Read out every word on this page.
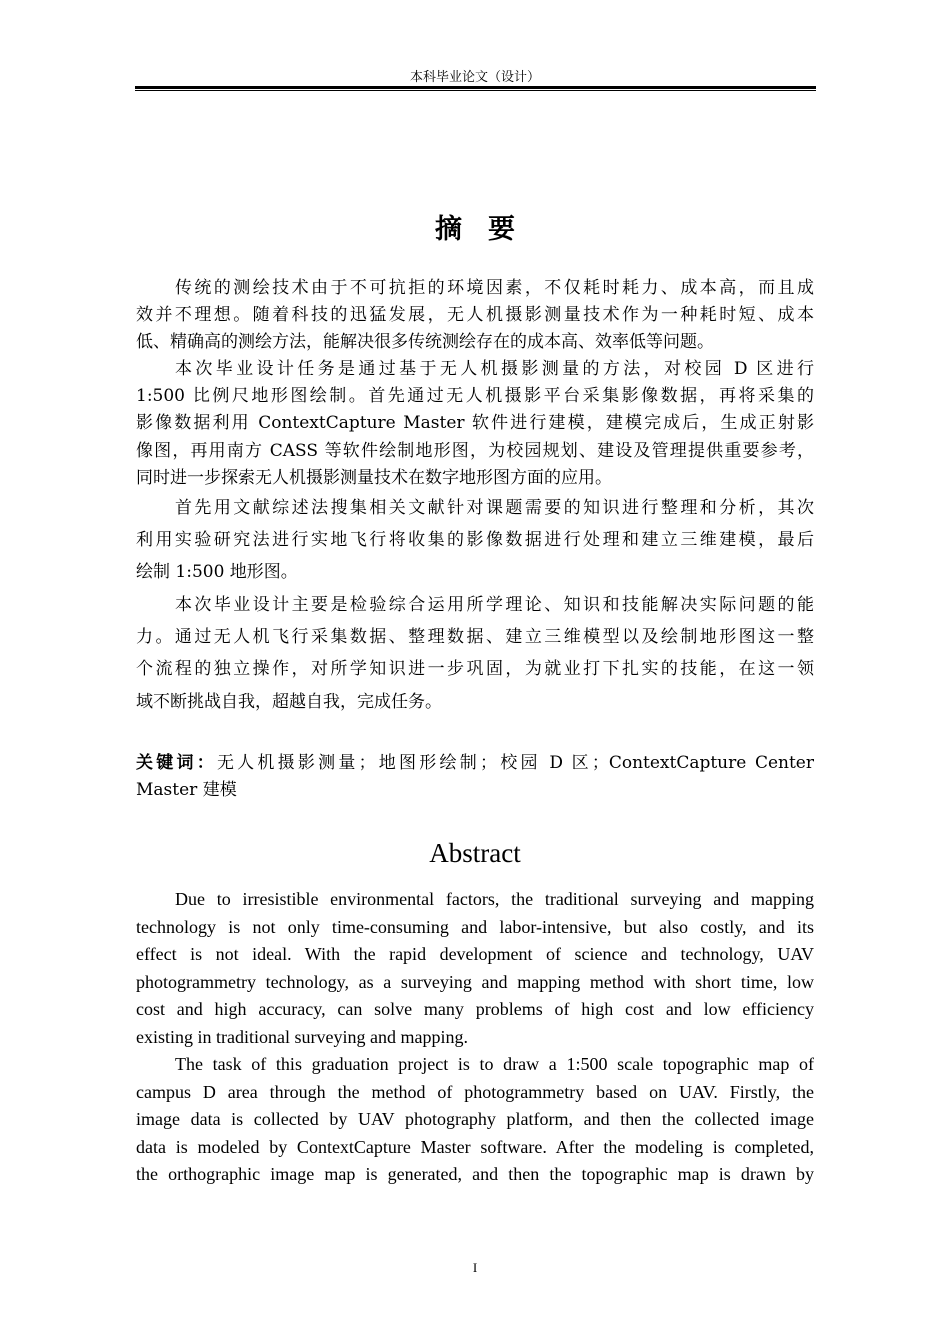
本科毕业论文（设计）
摘要
传统的测绘技术由于不可抗拒的环境因素，不仅耗时耗力、成本高，而且成
效并不理想。随着科技的迅猛发展，无人机摄影测量技术作为一种耗时短、成本
低、精确高的测绘方法，能解决很多传统测绘存在的成本高、效率低等问题。
本次毕业设计任务是通过基于无人机摄影测量的方法，对校园 D 区进行
1:500 比例尺地形图绘制。首先通过无人机摄影平台采集影像数据，再将采集的
影像数据利用 ContextCapture Master 软件进行建模，建模完成后，生成正射影
像图，再用南方 CASS 等软件绘制地形图，为校园规划、建设及管理提供重要参考，
同时进一步探索无人机摄影测量技术在数字地形图方面的应用。
首先用文献综述法搜集相关文献针对课题需要的知识进行整理和分析，其次
利用实验研究法进行实地飞行将收集的影像数据进行处理和建立三维建模，最后
绘制 1:500 地形图。
本次毕业设计主要是检验综合运用所学理论、知识和技能解决实际问题的能
力。通过无人机飞行采集数据、整理数据、建立三维模型以及绘制地形图这一整
个流程的独立操作，对所学知识进一步巩固，为就业打下扎实的技能，在这一领
域不断挑战自我，超越自我，完成任务。
关键词：无人机摄影测量；地图形绘制；校园 D 区；ContextCapture Center
Master 建模
Abstract
Due to irresistible environmental factors, the traditional surveying and mapping
technology is not only time-consuming and labor-intensive, but also costly, and its
effect is not ideal. With the rapid development of science and technology, UAV
photogrammetry technology, as a surveying and mapping method with short time, low
cost and high accuracy, can solve many problems of high cost and low efficiency
existing in traditional surveying and mapping.
The task of this graduation project is to draw a 1:500 scale topographic map of
campus D area through the method of photogrammetry based on UAV. Firstly, the
image data is collected by UAV photography platform, and then the collected image
data is modeled by ContextCapture Master software. After the modeling is completed,
the orthographic image map is generated, and then the topographic map is drawn by
I
